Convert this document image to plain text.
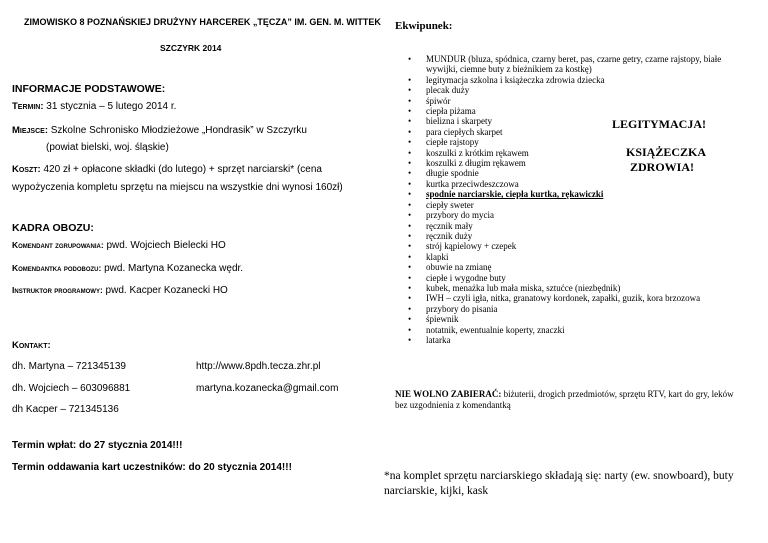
ZIMOWISKO 8 POZNAŃSKIEJ DRUŻYNY HARCEREK „TĘCZA” IM. GEN. M. WITTEK
SZCZYRK 2014
INFORMACJE PODSTAWOWE:
Termin: 31 stycznia – 5 lutego 2014 r.
Miejsce: Szkolne Schronisko Młodzieżowe „Hondrasik” w Szczyrku
(powiat bielski, woj. śląskie)
Koszt: 420 zł + opłacone składki (do lutego) + sprzęt narciarski* (cena
wypożyczenia kompletu sprzętu na miejscu na wszystkie dni wynosi 160zł)
KADRA OBOZU:
Komendant zgrupowania: pwd. Wojciech Bielecki HO
Komendantka podobozu: pwd. Martyna Kozanecka wędr.
Instruktor programowy: pwd. Kacper Kozanecki HO
Kontakt:
dh. Martyna – 721345139	http://www.8pdh.tecza.zhr.pl
dh. Wojciech – 603096881	martyna.kozanecka@gmail.com
dh Kacper – 721345136
Termin wpłat: do 27 stycznia 2014!!!
Termin oddawania kart uczestników: do 20 stycznia 2014!!!
Ekwipunek:
• MUNDUR (bluza, spódnica, czarny beret, pas, czarne getry, czarne rajstopy, białe
wywijki, ciemne buty z bieżnikiem za kostkę)
• legitymacja szkolna i książeczka zdrowia dziecka
• plecak duży
• śpiwór
• ciepła piżama
• bielizna i skarpety
• para ciepłych skarpet
• ciepłe rajstopy
• koszulki z krótkim rękawem
• koszulki z długim rękawem
• długie spodnie
• kurtka przeciwdeszczowa
• spodnie narciarskie, ciepła kurtka, rękawiczki
• ciepły sweter
• przybory do mycia
• ręcznik mały
• ręcznik duży
• strój kąpielowy + czepek
• klapki
• obuwie na zmianę
• ciepłe i wygodne buty
• kubek, menażka lub mała miska, sztućce (niezbędnik)
• IWH – czyli igła, nitka, granatowy kordonek, zapałki, guzik, kora brzozowa
• przybory do pisania
• śpiewnik
• notatnik, ewentualnie koperty, znaczki
• latarka
LEGITYMACJA!
KSIĄŻECZKA
ZDROWIA!
NIE WOLNO ZABIERAĆ: biżuterii, drogich przedmiotów, sprzętu RTV, kart do gry, leków
bez uzgodnienia z komendantką
*na komplet sprzętu narciarskiego składają się: narty (ew. snowboard), buty
narciarskie, kijki, kask
